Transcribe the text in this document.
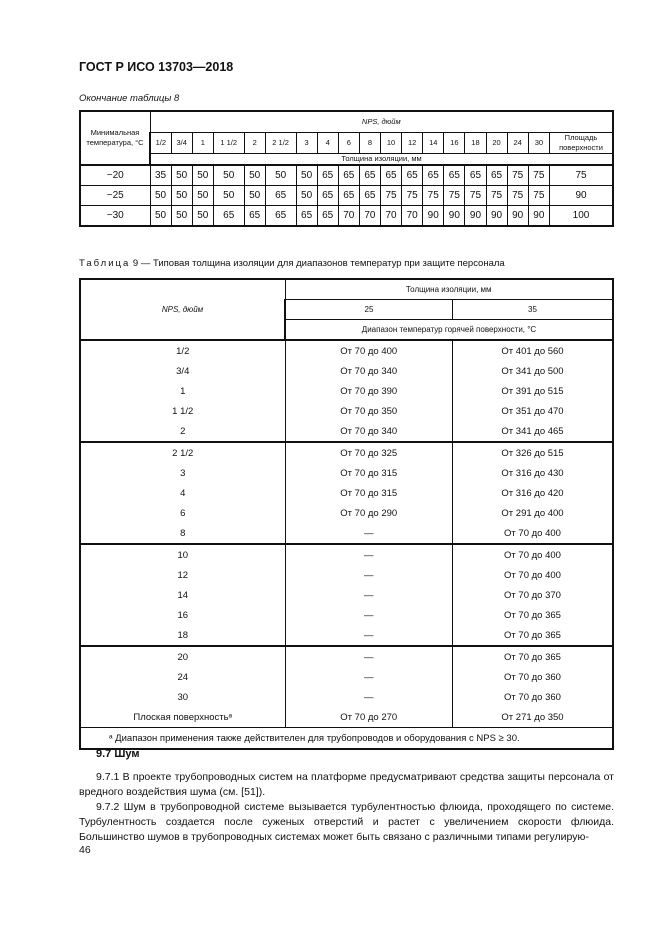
ГОСТ Р ИСО 13703—2018
Окончание таблицы 8
Минимальная температура, °С	NPS, дюйм																		
	1/2	3/4	1	1 1/2	2	2 1/2	3	4	6	8	10	12	14	16	18	20	24	30	Площадь поверхности
	Толщина изоляции, мм																		
−20	35	50	50	50	50	50	50	65	65	65	65	65	65	65	65	65	75	75	75
−25	50	50	50	50	50	65	50	65	65	65	75	75	75	75	75	75	75	75	90
−30	50	50	50	65	65	65	65	65	70	70	70	70	90	90	90	90	90	90	100
Таблица 9 — Типовая толщина изоляции для диапазонов температур при защите персонала
NPS, дюйм	Толщина изоляции, мм	
	25	35
	Диапазон температур горячей поверхности, °С	
1/2	От 70 до 400	От 401 до 560
3/4	От 70 до 340	От 341 до 500
1	От 70 до 390	От 391 до 515
1 1/2	От 70 до 350	От 351 до 470
2	От 70 до 340	От 341 до 465
2 1/2	От 70 до 325	От 326 до 515
3	От 70 до 315	От 316 до 430
4	От 70 до 315	От 316 до 420
6	От 70 до 290	От 291 до 400
8	—	От 70 до 400
10	—	От 70 до 400
12	—	От 70 до 400
14	—	От 70 до 370
16	—	От 70 до 365
18	—	От 70 до 365
20	—	От 70 до 365
24	—	От 70 до 360
30	—	От 70 до 360
Плоская поверхностьᵃ	От 70 до 270	От 271 до 350
ᵃ Диапазон применения также действителен для трубопроводов и оборудования с NPS ≥ 30.		
9.7 Шум
9.7.1 В проекте трубопроводных систем на платформе предусматривают средства защиты персонала от вредного воздействия шума (см. [51]).
9.7.2 Шум в трубопроводной системе вызывается турбулентностью флюида, проходящего по системе. Турбулентность создается после суженых отверстий и растет с увеличением скорости флюида. Большинство шумов в трубопроводных системах может быть связано с различными типами регулирую-
46
